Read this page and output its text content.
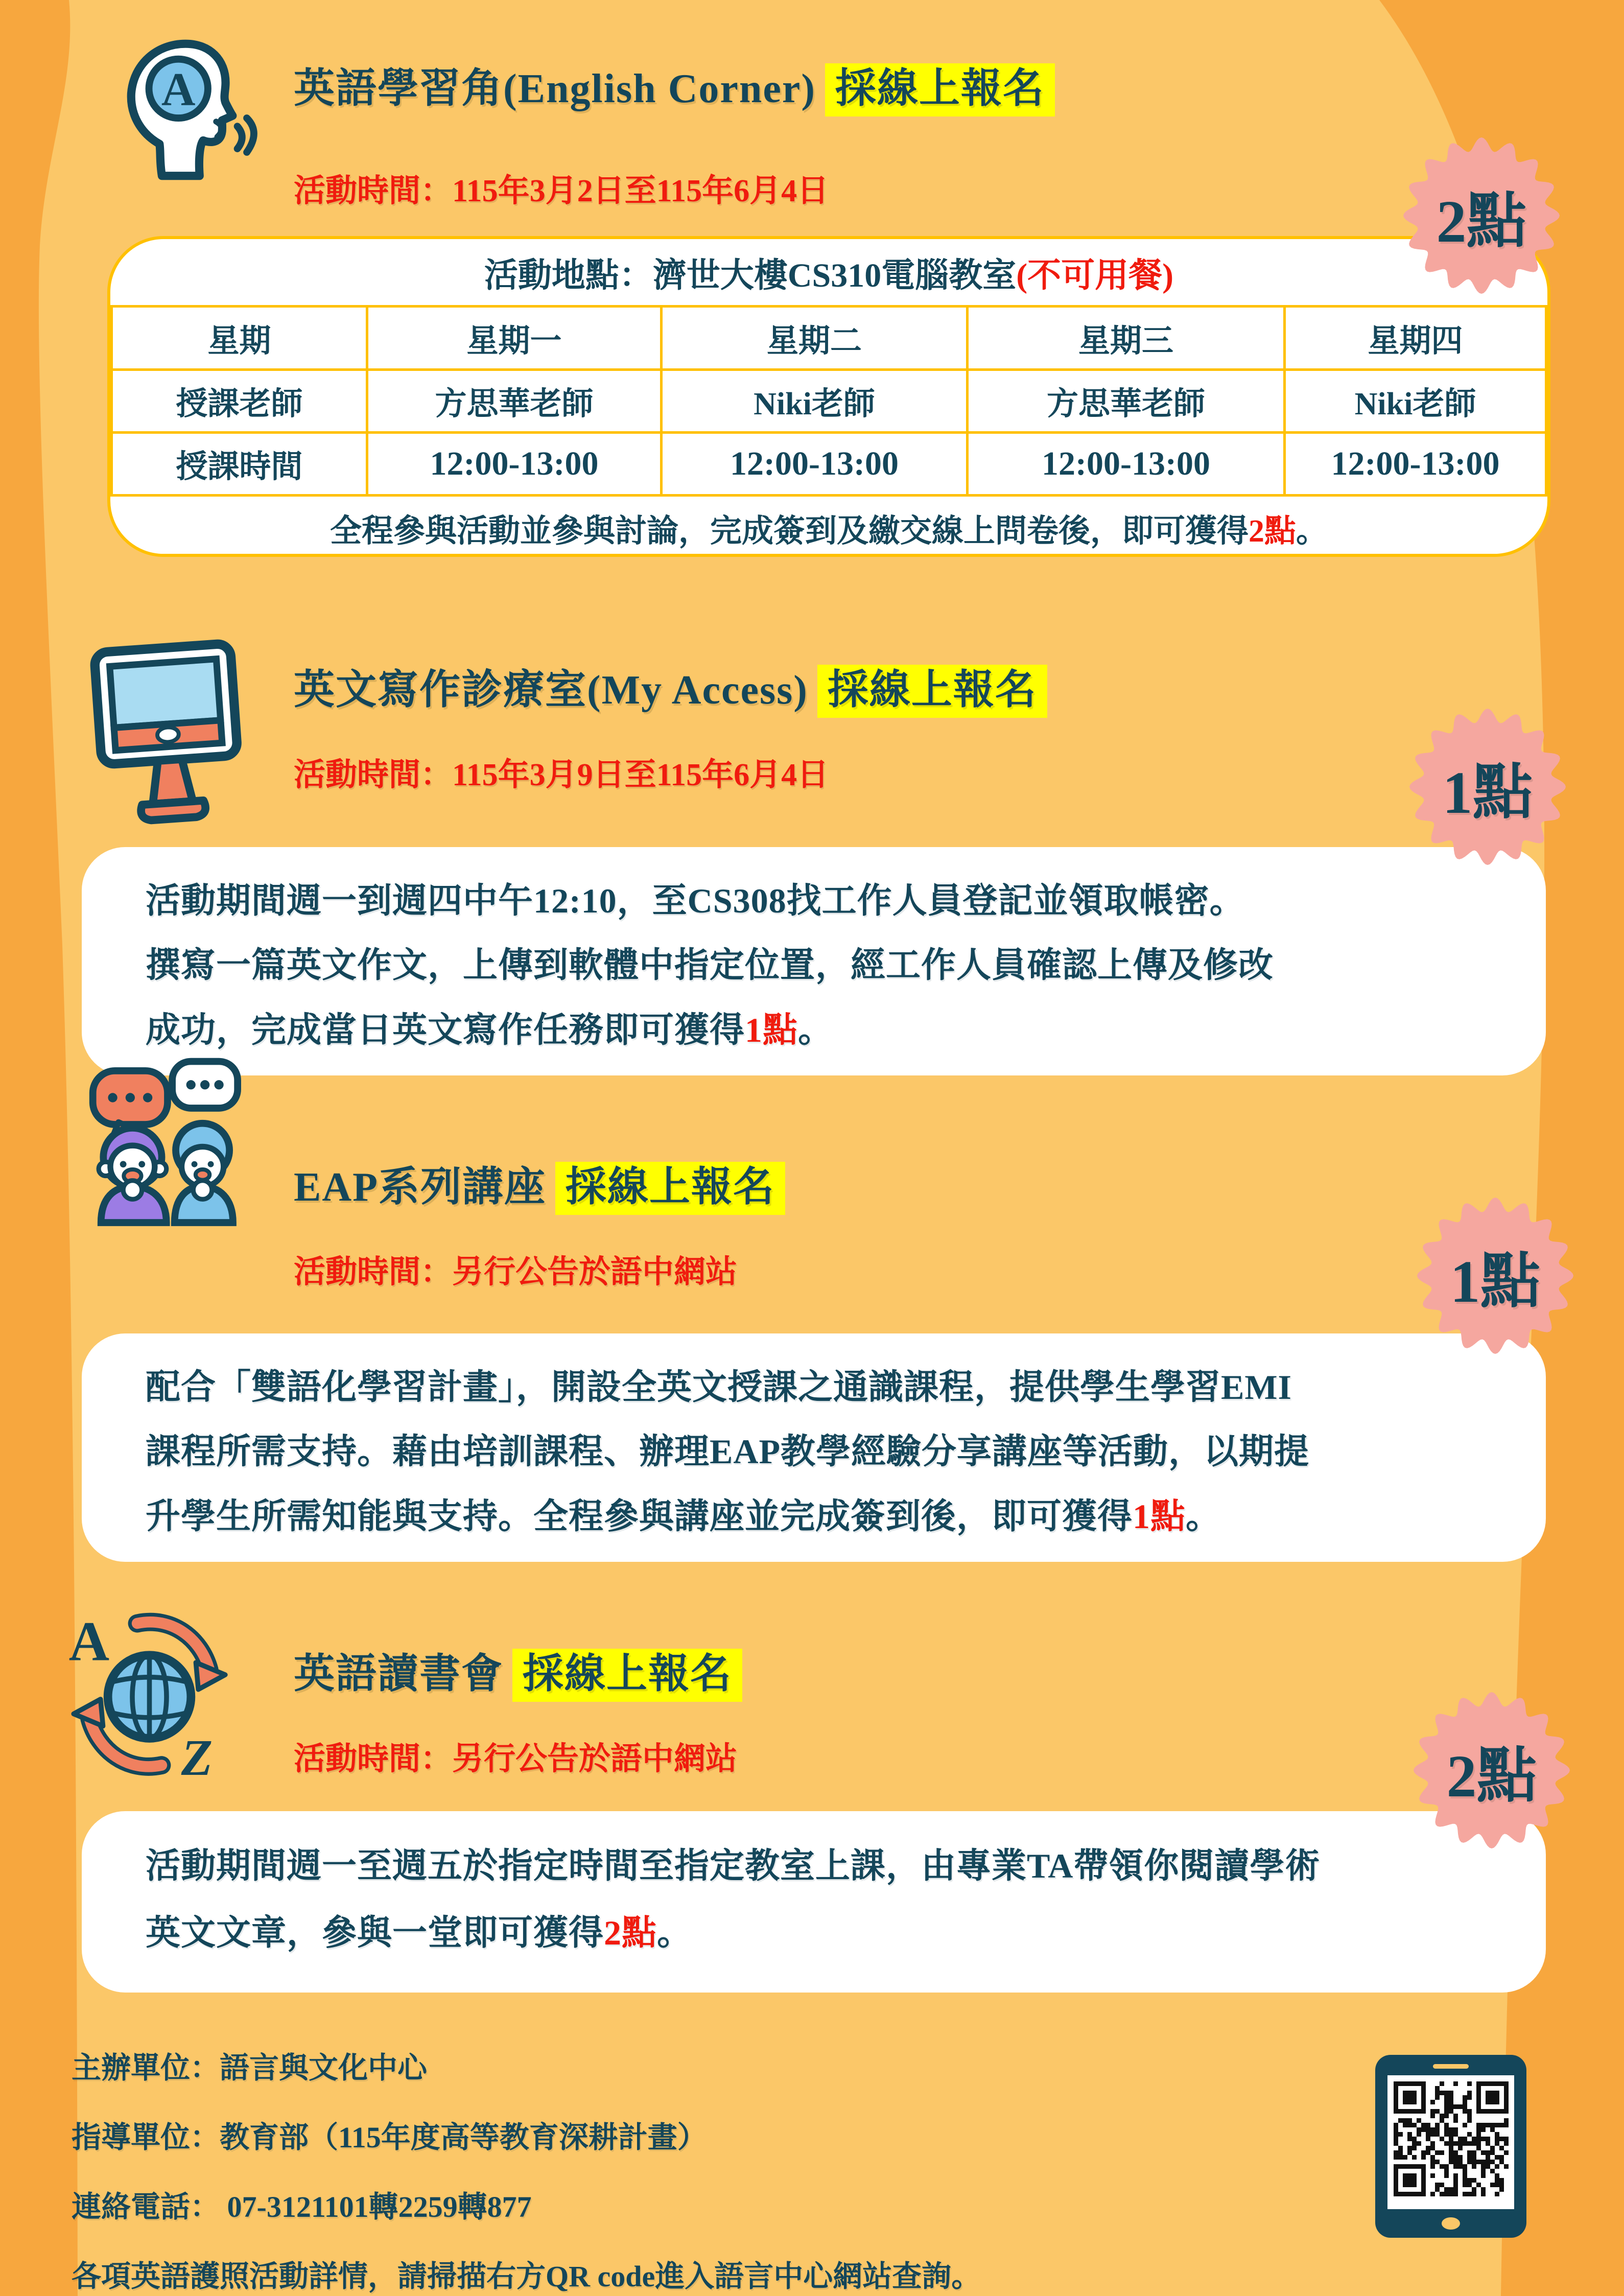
A 英語學習角(English Corner) 採線上報名
活動時間：115年3月2日至115年6月4日	2點
活動地點：濟世大樓CS310電腦教室(不可用餐)				
星期	星期一	星期二	星期三	星期四
授課老師	方思華老師	Niki老師	方思華老師	Niki老師
授課時間	12:00-13:00	12:00-13:00	12:00-13:00	12:00-13:00
全程參與活動並參與討論，完成簽到及繳交線上問卷後，即可獲得2點。				
英文寫作診療室(My Access) 採線上報名
活動時間：115年3月9日至115年6月4日	1點

活動期間週一到週四中午12:10，至CS308找工作人員登記並領取帳密。
撰寫一篇英文作文，上傳到軟體中指定位置，經工作人員確認上傳及修改
成功，完成當日英文寫作任務即可獲得1點。

EAP系列講座 採線上報名
活動時間：另行公告於語中網站	1點

配合「雙語化學習計畫」，開設全英文授課之通識課程，提供學生學習EMI
課程所需支持。藉由培訓課程、辦理EAP教學經驗分享講座等活動，以期提
升學生所需知能與支持。全程參與講座並完成簽到後，即可獲得1點。

A
Z
英語讀書會 採線上報名
活動時間：另行公告於語中網站	2點

活動期間週一至週五於指定時間至指定教室上課，由專業TA帶領你閱讀學術
英文文章，參與一堂即可獲得2點。

主辦單位：語言與文化中心
指導單位：教育部（115年度高等教育深耕計畫）
連絡電話： 07-3121101轉2259轉877
各項英語護照活動詳情，請掃描右方QR code進入語言中心網站查詢。
